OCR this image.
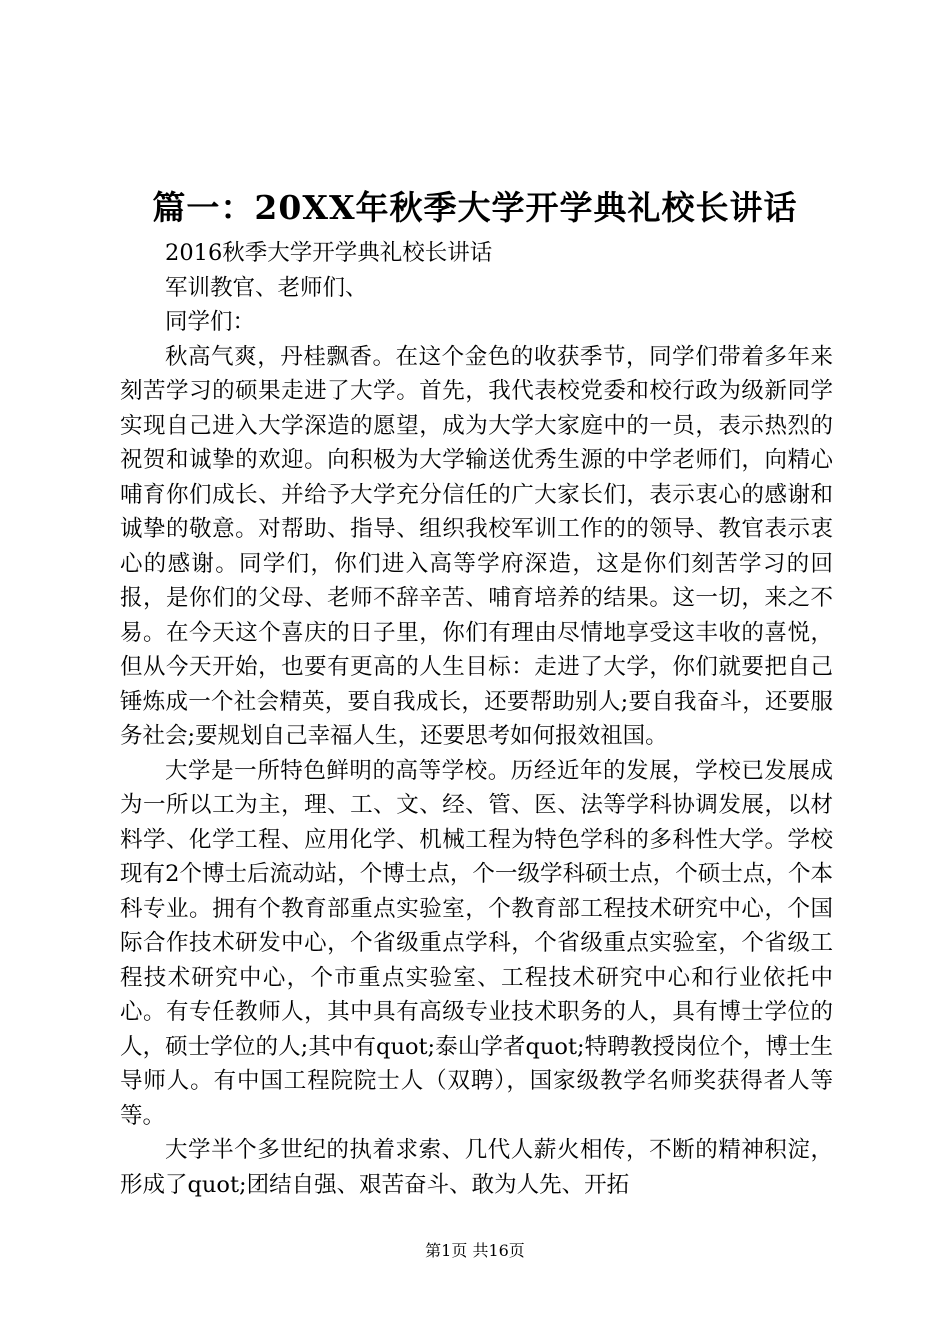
篇一：20XX年秋季大学开学典礼校长讲话

2016秋季大学开学典礼校长讲话

军训教官、老师们、

同学们：

秋高气爽，丹桂飘香。在这个金色的收获季节，同学们带着多年来刻苦学习的硕果走进了大学。首先，我代表校党委和校行政为级新同学实现自己进入大学深造的愿望，成为大学大家庭中的一员，表示热烈的祝贺和诚挚的欢迎。向积极为大学输送优秀生源的中学老师们，向精心哺育你们成长、并给予大学充分信任的广大家长们，表示衷心的感谢和诚挚的敬意。对帮助、指导、组织我校军训工作的的领导、教官表示衷心的感谢。同学们，你们进入高等学府深造，这是你们刻苦学习的回报，是你们的父母、老师不辞辛苦、哺育培养的结果。这一切，来之不易。在今天这个喜庆的日子里，你们有理由尽情地享受这丰收的喜悦，但从今天开始，也要有更高的人生目标：走进了大学，你们就要把自己锤炼成一个社会精英，要自我成长，还要帮助别人;要自我奋斗，还要服务社会;要规划自己幸福人生，还要思考如何报效祖国。

大学是一所特色鲜明的高等学校。历经近年的发展，学校已发展成为一所以工为主，理、工、文、经、管、医、法等学科协调发展，以材料学、化学工程、应用化学、机械工程为特色学科的多科性大学。学校现有2个博士后流动站，个博士点，个一级学科硕士点，个硕士点，个本科专业。拥有个教育部重点实验室，个教育部工程技术研究中心，个国际合作技术研发中心，个省级重点学科，个省级重点实验室，个省级工程技术研究中心，个市重点实验室、工程技术研究中心和行业依托中心。有专任教师人，其中具有高级专业技术职务的人，具有博士学位的人，硕士学位的人;其中有quot;泰山学者quot;特聘教授岗位个，博士生导师人。有中国工程院院士人（双聘），国家级教学名师奖获得者人等等。

大学半个多世纪的执着求索、几代人薪火相传，不断的精神积淀，形成了quot;团结自强、艰苦奋斗、敢为人先、开拓

第1页 共16页
